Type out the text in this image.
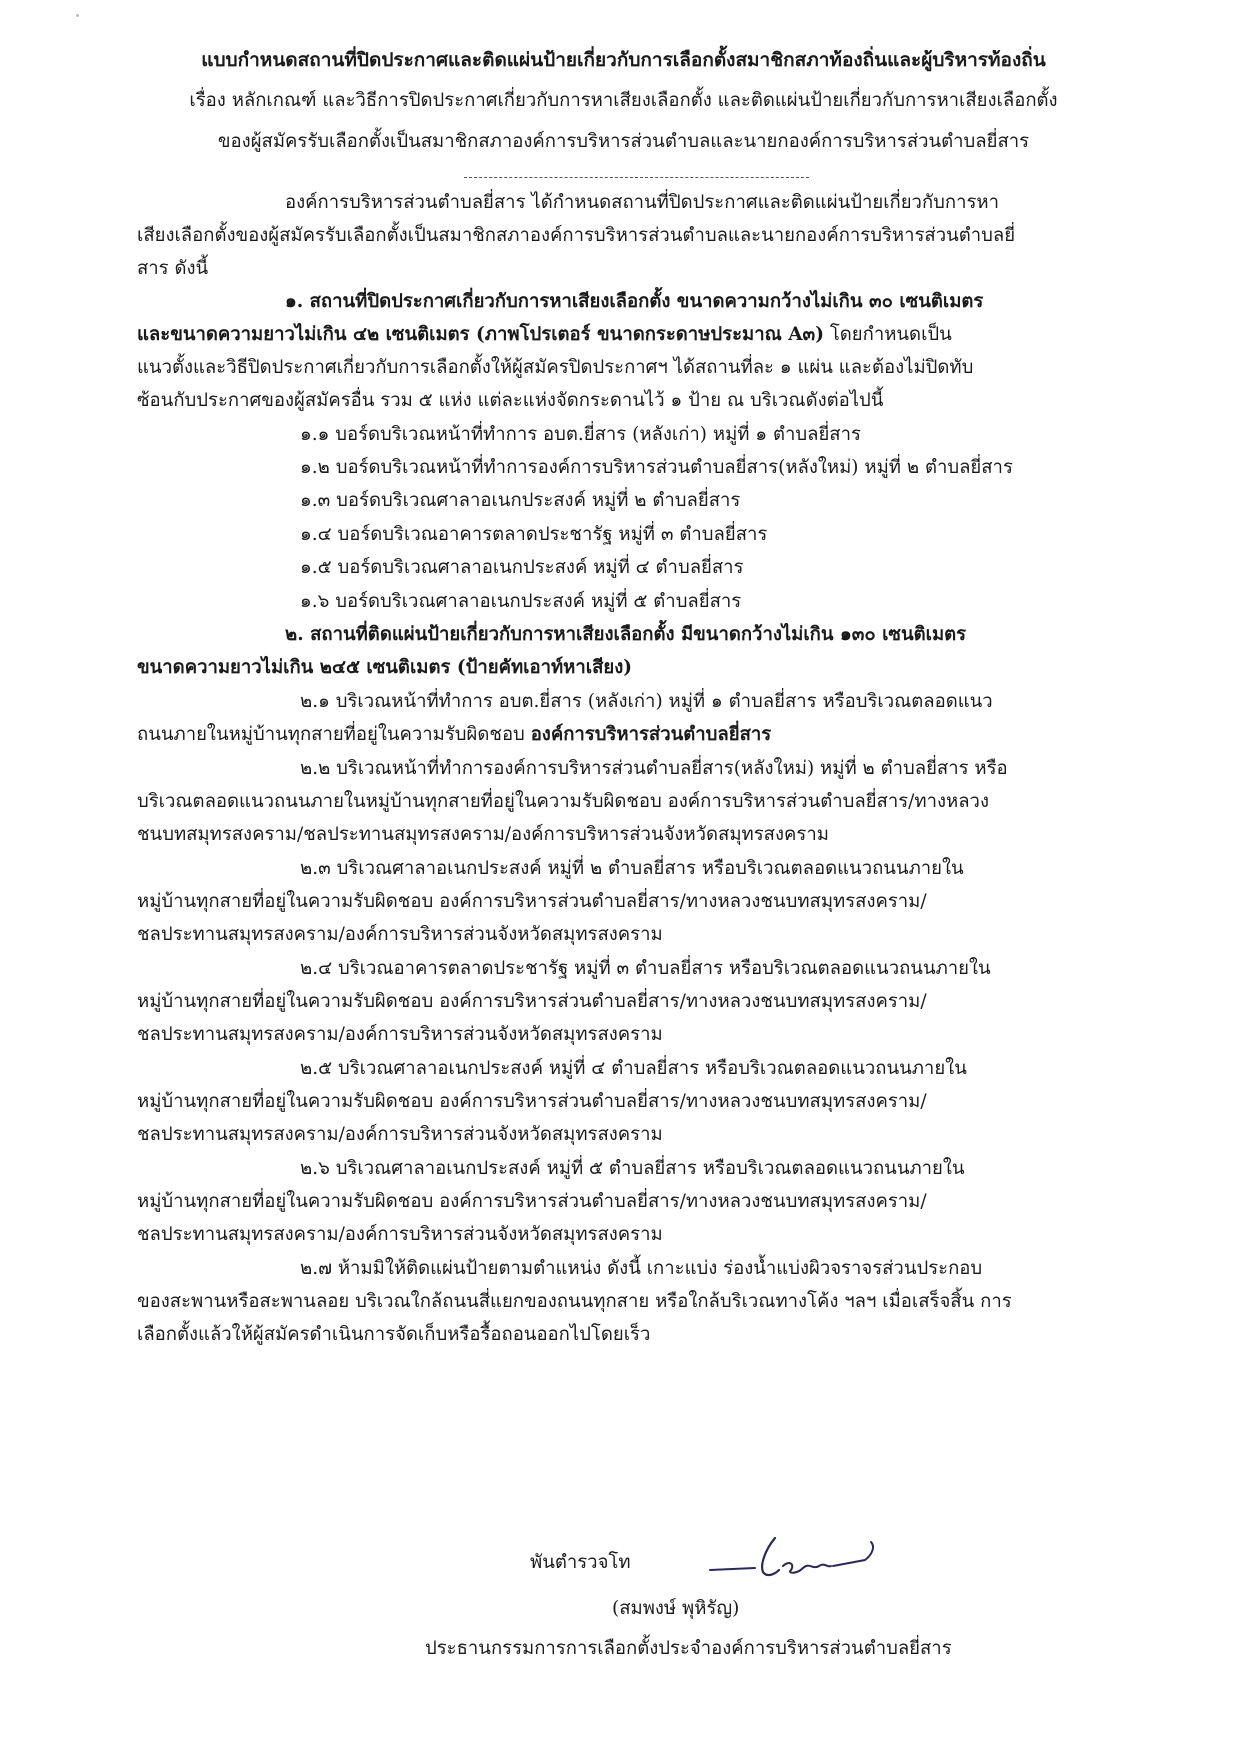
แบบกำหนดสถานที่ปิดประกาศและติดแผ่นป้ายเกี่ยวกับการเลือกตั้งสมาชิกสภาท้องถิ่นและผู้บริหารท้องถิ่น
เรื่อง หลักเกณฑ์ และวิธีการปิดประกาศเกี่ยวกับการหาเสียงเลือกตั้ง และติดแผ่นป้ายเกี่ยวกับการหาเสียงเลือกตั้ง
ของผู้สมัครรับเลือกตั้งเป็นสมาชิกสภาองค์การบริหารส่วนตำบลและนายกองค์การบริหารส่วนตำบลยี่สาร
องค์การบริหารส่วนตำบลยี่สาร ได้กำหนดสถานที่ปิดประกาศและติดแผ่นป้ายเกี่ยวกับการหา
เสียงเลือกตั้งของผู้สมัครรับเลือกตั้งเป็นสมาชิกสภาองค์การบริหารส่วนตำบลและนายกองค์การบริหารส่วนตำบลยี่
สาร ดังนี้
๑. สถานที่ปิดประกาศเกี่ยวกับการหาเสียงเลือกตั้ง ขนาดความกว้างไม่เกิน ๓๐ เซนติเมตร
และขนาดความยาวไม่เกิน ๔๒ เซนติเมตร (ภาพโปรเตอร์ ขนาดกระดาษประมาณ A๓) โดยกำหนดเป็น
แนวตั้งและวิธีปิดประกาศเกี่ยวกับการเลือกตั้งให้ผู้สมัครปิดประกาศฯ ได้สถานที่ละ ๑ แผ่น และต้องไม่ปิดทับ
ซ้อนกับประกาศของผู้สมัครอื่น รวม ๕ แห่ง แต่ละแห่งจัดกระดานไว้ ๑ ป้าย ณ บริเวณดังต่อไปนี้
๑.๑ บอร์ดบริเวณหน้าที่ทำการ อบต.ยี่สาร (หลังเก่า) หมู่ที่ ๑ ตำบลยี่สาร
๑.๒ บอร์ดบริเวณหน้าที่ทำการองค์การบริหารส่วนตำบลยี่สาร(หลังใหม่) หมู่ที่ ๒ ตำบลยี่สาร
๑.๓ บอร์ดบริเวณศาลาอเนกประสงค์ หมู่ที่ ๒ ตำบลยี่สาร
๑.๔ บอร์ดบริเวณอาคารตลาดประชารัฐ หมู่ที่ ๓ ตำบลยี่สาร
๑.๕ บอร์ดบริเวณศาลาอเนกประสงค์ หมู่ที่ ๔ ตำบลยี่สาร
๑.๖ บอร์ดบริเวณศาลาอเนกประสงค์ หมู่ที่ ๕ ตำบลยี่สาร
๒. สถานที่ติดแผ่นป้ายเกี่ยวกับการหาเสียงเลือกตั้ง มีขนาดกว้างไม่เกิน ๑๓๐ เซนติเมตร
ขนาดความยาวไม่เกิน ๒๔๕ เซนติเมตร (ป้ายคัทเอาท์หาเสียง)
๒.๑ บริเวณหน้าที่ทำการ อบต.ยี่สาร (หลังเก่า) หมู่ที่ ๑ ตำบลยี่สาร หรือบริเวณตลอดแนว
ถนนภายในหมู่บ้านทุกสายที่อยู่ในความรับผิดชอบ องค์การบริหารส่วนตำบลยี่สาร
๒.๒ บริเวณหน้าที่ทำการองค์การบริหารส่วนตำบลยี่สาร(หลังใหม่) หมู่ที่ ๒ ตำบลยี่สาร หรือ
บริเวณตลอดแนวถนนภายในหมู่บ้านทุกสายที่อยู่ในความรับผิดชอบ องค์การบริหารส่วนตำบลยี่สาร/ทางหลวง
ชนบทสมุทรสงคราม/ชลประทานสมุทรสงคราม/องค์การบริหารส่วนจังหวัดสมุทรสงคราม
๒.๓ บริเวณศาลาอเนกประสงค์ หมู่ที่ ๒ ตำบลยี่สาร หรือบริเวณตลอดแนวถนนภายใน
หมู่บ้านทุกสายที่อยู่ในความรับผิดชอบ องค์การบริหารส่วนตำบลยี่สาร/ทางหลวงชนบทสมุทรสงคราม/
ชลประทานสมุทรสงคราม/องค์การบริหารส่วนจังหวัดสมุทรสงคราม
๒.๔ บริเวณอาคารตลาดประชารัฐ หมู่ที่ ๓ ตำบลยี่สาร หรือบริเวณตลอดแนวถนนภายใน
หมู่บ้านทุกสายที่อยู่ในความรับผิดชอบ องค์การบริหารส่วนตำบลยี่สาร/ทางหลวงชนบทสมุทรสงคราม/
ชลประทานสมุทรสงคราม/องค์การบริหารส่วนจังหวัดสมุทรสงคราม
๒.๕ บริเวณศาลาอเนกประสงค์ หมู่ที่ ๔ ตำบลยี่สาร หรือบริเวณตลอดแนวถนนภายใน
หมู่บ้านทุกสายที่อยู่ในความรับผิดชอบ องค์การบริหารส่วนตำบลยี่สาร/ทางหลวงชนบทสมุทรสงคราม/
ชลประทานสมุทรสงคราม/องค์การบริหารส่วนจังหวัดสมุทรสงคราม
๒.๖ บริเวณศาลาอเนกประสงค์ หมู่ที่ ๕ ตำบลยี่สาร หรือบริเวณตลอดแนวถนนภายใน
หมู่บ้านทุกสายที่อยู่ในความรับผิดชอบ องค์การบริหารส่วนตำบลยี่สาร/ทางหลวงชนบทสมุทรสงคราม/
ชลประทานสมุทรสงคราม/องค์การบริหารส่วนจังหวัดสมุทรสงคราม
๒.๗ ห้ามมิให้ติดแผ่นป้ายตามตำแหน่ง ดังนี้ เกาะแบ่ง ร่องน้ำแบ่งผิวจราจรส่วนประกอบ
ของสะพานหรือสะพานลอย บริเวณใกล้ถนนสี่แยกของถนนทุกสาย หรือใกล้บริเวณทางโค้ง ฯลฯ เมื่อเสร็จสิ้น การ
เลือกตั้งแล้วให้ผู้สมัครดำเนินการจัดเก็บหรือรื้อถอนออกไปโดยเร็ว
พันตำรวจโท
(สมพงษ์ พุหิรัญ)
ประธานกรรมการการเลือกตั้งประจำองค์การบริหารส่วนตำบลยี่สาร
